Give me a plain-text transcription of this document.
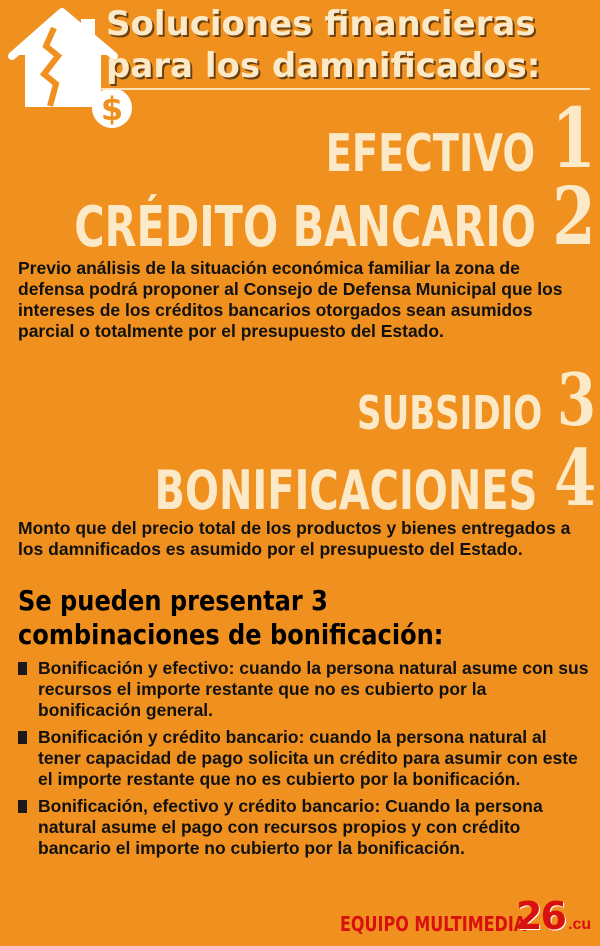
$
Soluciones financieras
para los damnificados:
EFECTIVO 1
CRÉDITO BANCARIO 2
Previo análisis de la situación económica familiar la zona de defensa podrá proponer al Consejo de Defensa Municipal que los intereses de los créditos bancarios otorgados sean asumidos parcial o totalmente por el presupuesto del Estado.
SUBSIDIO 3
BONIFICACIONES 4
Monto que del precio total de los productos y bienes entregados a los damnificados es asumido por el presupuesto del Estado.
Se pueden presentar 3 combinaciones de bonificación:
Bonificación y efectivo: cuando la persona natural asume con sus recursos el importe restante que no es cubierto por la bonificación general.
Bonificación y crédito bancario: cuando la persona natural al tener capacidad de pago solicita un crédito para asumir con este el importe restante que no es cubierto por la bonificación.
Bonificación, efectivo y crédito bancario: Cuando la persona natural asume el pago con recursos propios y con crédito bancario el importe no cubierto por la bonificación.
EQUIPO MULTIMEDIA
26 .cu
